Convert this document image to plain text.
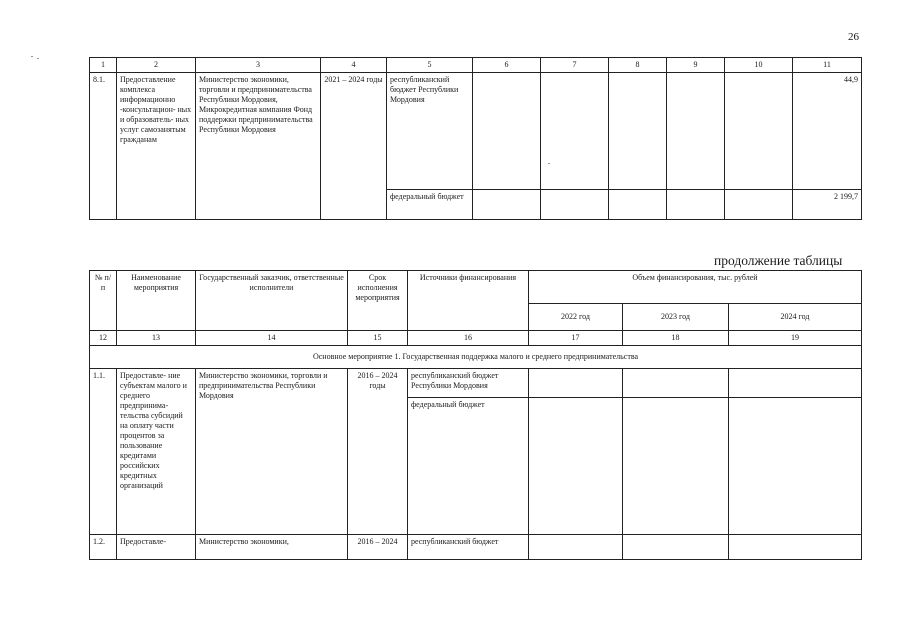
26
1	2	3	4	5	6	7	8	9	10	11
8.1.	Предоставление комплекса информационно -консультацион- ных и образователь- ных услуг самозанятым гражданам	Министерство экономики, торговли и предпринимательства Республики Мордовия, Микрокредитная компания Фонд поддержки предпринимательства Республики Мордовия	2021 – 2024 годы	республиканский бюджет Республики Мордовия						44,9
				федеральный бюджет						2 199,7
продолжение таблицы
№ п/п	Наименование мероприятия	Государственный заказчик, ответственные исполнители	Срок исполнения мероприятия	Источники финансирования	Объем финансирования, тыс. рублей		
					2022 год	2023 год	2024 год
12	13	14	15	16	17	18	19
Основное мероприятие 1. Государственная поддержка малого и среднего предпринимательства							
1.1.	Предоставле- ние субъектам малого и среднего предпринима- тельства субсидий на оплату части процентов за пользование кредитами российских кредитных организаций	Министерство экономики, торговли и предпринимательства Республики Мордовия	2016 – 2024 годы	республиканский бюджет Республики Мордовия			
				федеральный бюджет			
1.2.	Предоставле-	Министерство экономики,	2016 – 2024	республиканский бюджет			
